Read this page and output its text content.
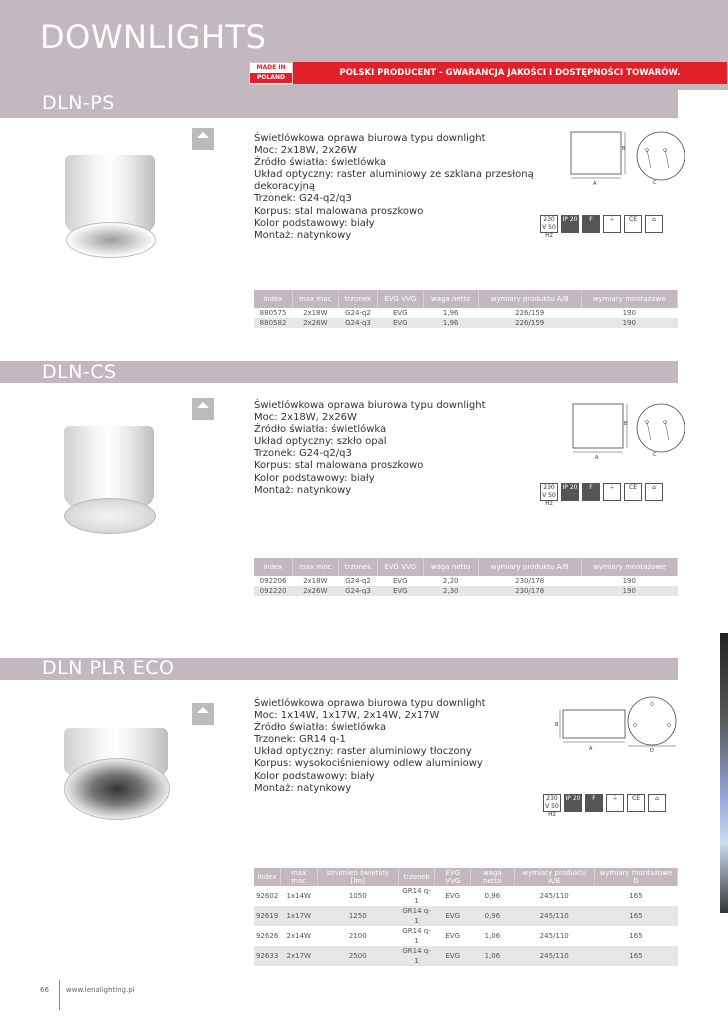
DOWNLIGHTS
MADE IN
POLAND	POLSKI PRODUCENT - GWARANCJA JAKOŚCI I DOSTĘPNOŚCI TOWARÓW.
DLN-PS
Świetlówkowa oprawa biurowa typu downlight
Moc: 2x18W, 2x26W
Źródło światła: świetlówka
Układ optyczny: raster aluminiowy ze szklana przesłoną
dekoracyjną
Trzonek: G24-q2/q3
Korpus: stal malowana proszkowo
Kolor podstawowy: biały
Montaż: natynkowy
A
B
C
230 V 50 Hz
IP 20	F	⏚	CE	⌂
index	max moc	trzonek	EVG VVG	waga netto	wymiary produktu A/B	wymiary montażowe
880575	2x18W	G24-q2	EVG	1,96	226/159	190
880582	2x26W	G24-q3	EVG	1,96	226/159	190
DLN-CS
Świetlówkowa oprawa biurowa typu downlight
Moc: 2x18W, 2x26W
Źródło światła: świetlówka
Układ optyczny: szkło opal
Trzonek: G24-q2/q3
Korpus: stal malowana proszkowo
Kolor podstawowy: biały
Montaż: natynkowy
A
B
C
230 V 50 Hz
IP 20	F	⏚	CE	⌂
index	max moc	trzonek	EVG VVG	waga netto	wymiary produktu A/B	wymiary montażowe
092206	2x18W	G24-q2	EVG	2,20	230/178	190
092220	2x26W	G24-q3	EVG	2,30	230/178	190
DLN PLR ECO
Świetlówkowa oprawa biurowa typu downlight
Moc: 1x14W, 1x17W, 2x14W, 2x17W
Źródło światła: świetlówka
Trzonek: GR14 q-1
Układ optyczny: raster aluminiowy tłoczony
Korpus: wysokociśnieniowy odlew aluminiowy
Kolor podstawowy: biały
Montaż: natynkowy
A
B
D
230 V 50 Hz
IP 20	F	⏚	CE	⌂
index	max moc	strumień świetlny [lm]	trzonek	EVG VVG	waga netto	wymiary produktu A/B	wymiary montażowe D
92602	1x14W	1050	GR14 q-1	EVG	0,96	245/110	165
92619	1x17W	1250	GR14 q-1	EVG	0,96	245/110	165
92626	2x14W	2100	GR14 q-1	EVG	1,06	245/110	165
92633	2x17W	2500	GR14 q-1	EVG	1,06	245/110	165
66 www.lenalighting.pl
